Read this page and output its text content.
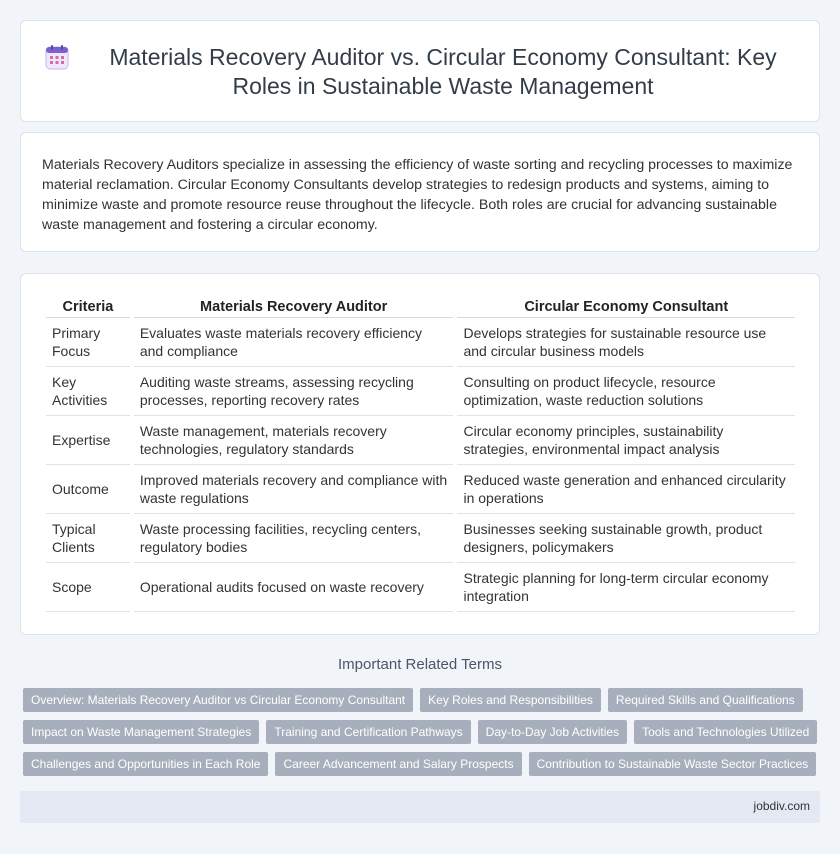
Materials Recovery Auditor vs. Circular Economy Consultant: Key Roles in Sustainable Waste Management

Materials Recovery Auditors specialize in assessing the efficiency of waste sorting and recycling processes to maximize material reclamation. Circular Economy Consultants develop strategies to redesign products and systems, aiming to minimize waste and promote resource reuse throughout the lifecycle. Both roles are crucial for advancing sustainable waste management and fostering a circular economy.

Criteria	Materials Recovery Auditor	Circular Economy Consultant
Primary Focus	Evaluates waste materials recovery efficiency and compliance	Develops strategies for sustainable resource use and circular business models
Key Activities	Auditing waste streams, assessing recycling processes, reporting recovery rates	Consulting on product lifecycle, resource optimization, waste reduction solutions
Expertise	Waste management, materials recovery technologies, regulatory standards	Circular economy principles, sustainability strategies, environmental impact analysis
Outcome	Improved materials recovery and compliance with waste regulations	Reduced waste generation and enhanced circularity in operations
Typical Clients	Waste processing facilities, recycling centers, regulatory bodies	Businesses seeking sustainable growth, product designers, policymakers
Scope	Operational audits focused on waste recovery	Strategic planning for long-term circular economy integration
Important Related Terms
Overview: Materials Recovery Auditor vs Circular Economy Consultant	Key Roles and Responsibilities	Required Skills and Qualifications
Impact on Waste Management Strategies	Training and Certification Pathways	Day-to-Day Job Activities	Tools and Technologies Utilized
Challenges and Opportunities in Each Role	Career Advancement and Salary Prospects	Contribution to Sustainable Waste Sector Practices
jobdiv.com
